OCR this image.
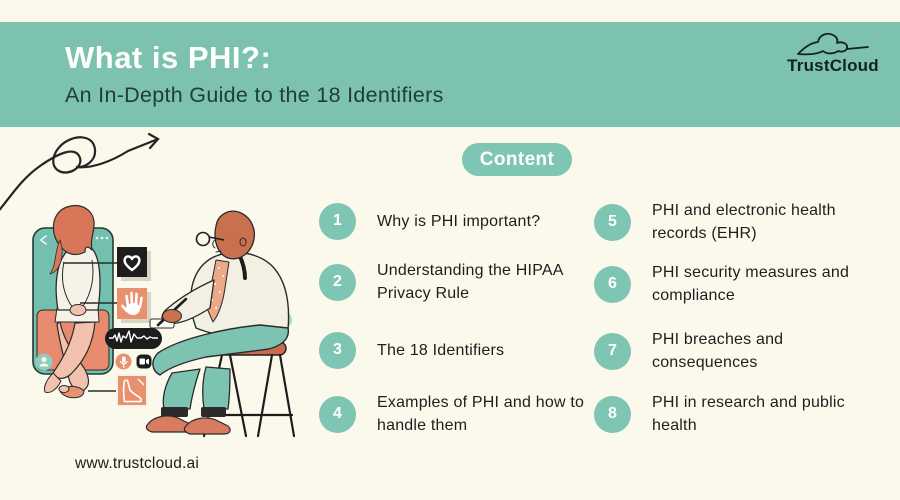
What is PHI?:
An In-Depth Guide to the 18 Identifiers
TrustCloud
Content
1	Why is PHI important?
2
Understanding the HIPAA Privacy Rule
3	The 18 Identifiers
4
Examples of PHI and how to handle them
5
PHI and electronic health records (EHR)
6
PHI security measures and compliance
7
PHI breaches and consequences
8
PHI in research and public health
www.trustcloud.ai
